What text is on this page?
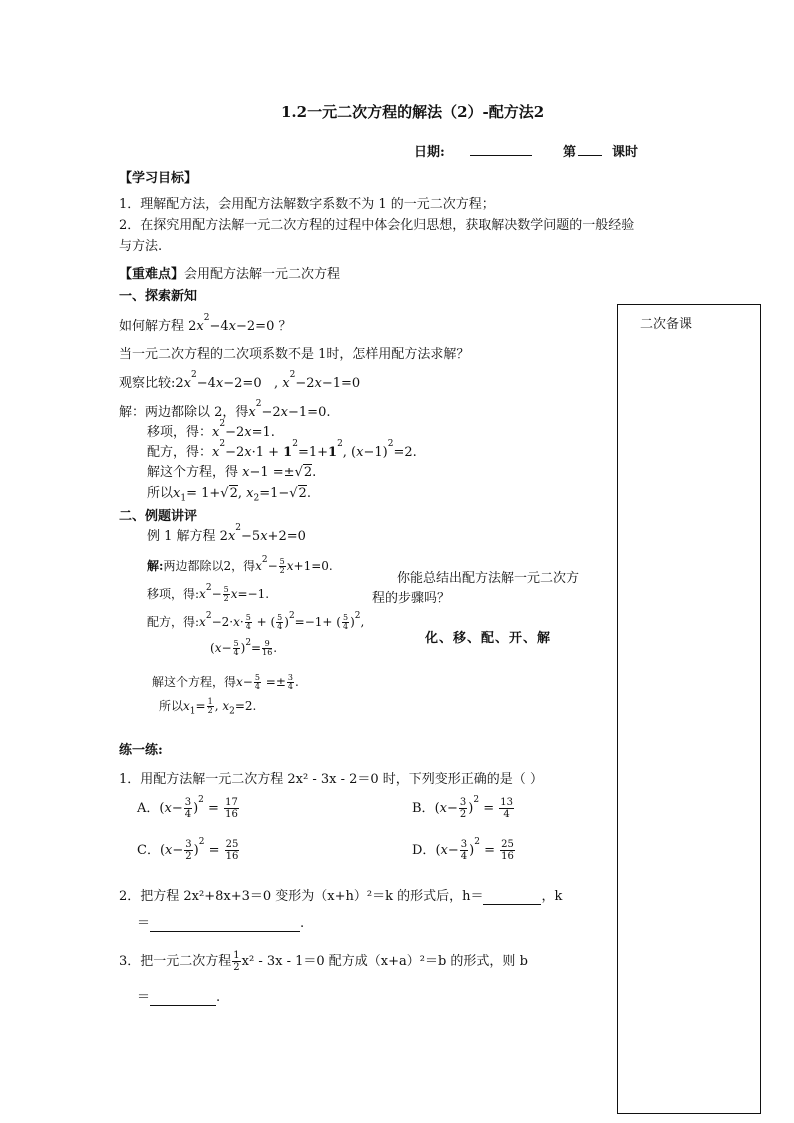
1.2一元二次方程的解法（2）-配方法2
日期:	第	课时
【学习目标】
1．理解配方法，会用配方法解数字系数不为 1 的一元二次方程；
2．在探究用配方法解一元二次方程的过程中体会化归思想，获取解决数学问题的一般经验
与方法.
【重难点】会用配方法解一元二次方程
一、探索新知
如何解方程 $2x^2-4x-2=0$ ？
当一元二次方程的二次项系数不是 1时，怎样用配方法求解？
观察比较$:2x^2-4x-2=0$   , $x^2-2x-1=0$
解：两边都除以 2，得$x^2-2x-1=0$.
移项，得：$x^2-2x=1$.
配方，得：$x^2-2x\cdot 1 + 1^2=1+1^2$, $(x-1)^2=2$.
解这个方程，得 x−1 =±√2.
所以$x_1= 1+√2$, $x_2=1-√2$.
二、例题讲评
例 1 解方程 $2x^2-5x+2=0$
解:两边都除以2，得$x^2- \frac{5}{2} x+1=0$.
移项，得$:x^2- \frac{5}{2} x=-1$.
配方，得$:x^2-2\cdot x\cdot \frac{5}{4}$ + ( $\frac{5}{4} )^2=-1+$ ( $\frac{5}{4} )^2$,
$(x- \frac{5}{4} )^2= \frac{9}{16}$ .
解这个方程，得$x- \frac{5}{4} =\pm \frac{3}{4}$ .
所以$x_1= \frac{1}{2}$ , $x_2=2$.
你能总结出配方法解一元二次方
程的步骤吗？
化、移、配、开、解
练一练:
1．用配方法解一元二次方程 2x² - 3x - 2＝0 时，下列变形正确的是（ ）
A．$(x- \frac{3}{4} )^2 = \frac{17}{16}$	B．$(x- \frac{3}{2} )^2 = \frac{13}{4}$
C．$(x- \frac{3}{2} )^2 = \frac{25}{16}$	D．$(x- \frac{3}{4} )^2 = \frac{25}{16}$
2．把方程 2x²+8x+3＝0 变形为（x+h）²＝k 的形式后，h＝	，k
＝	.
3．把一元二次方程 $\frac{1}{2} x^2 - 3x - 1=0$ 配方成（x+a）²＝b 的形式，则 b
＝	.
二次备课
